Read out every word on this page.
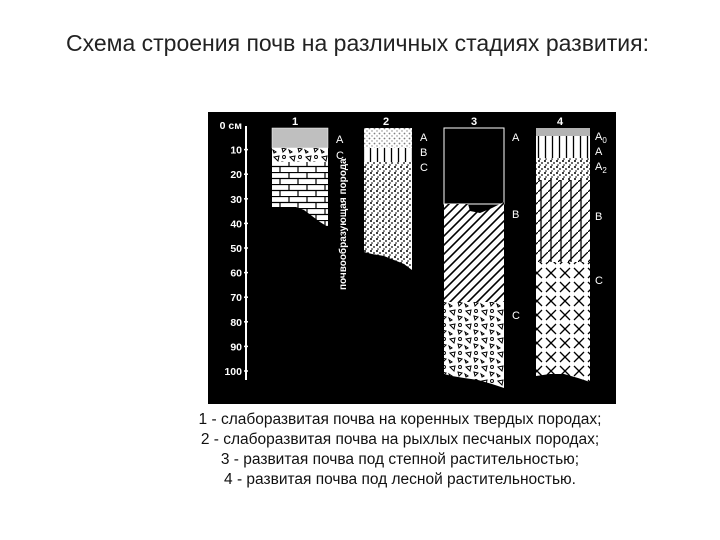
Схема строения почв на различных стадиях развития:
0 см
10
20
30
40
50
60
70
80
90
100
1
A
C
почвообразующая порода
2
A
B
C
3
A
B
C
4
$A_0$
A
$A_2$
B
C
1 - слаборазвитая почва на коренных твердых породах;
2 - слаборазвитая почва на рыхлых песчаных породах;
3 - развитая почва под степной растительностью;
4 - развитая почва под лесной растительностью.
